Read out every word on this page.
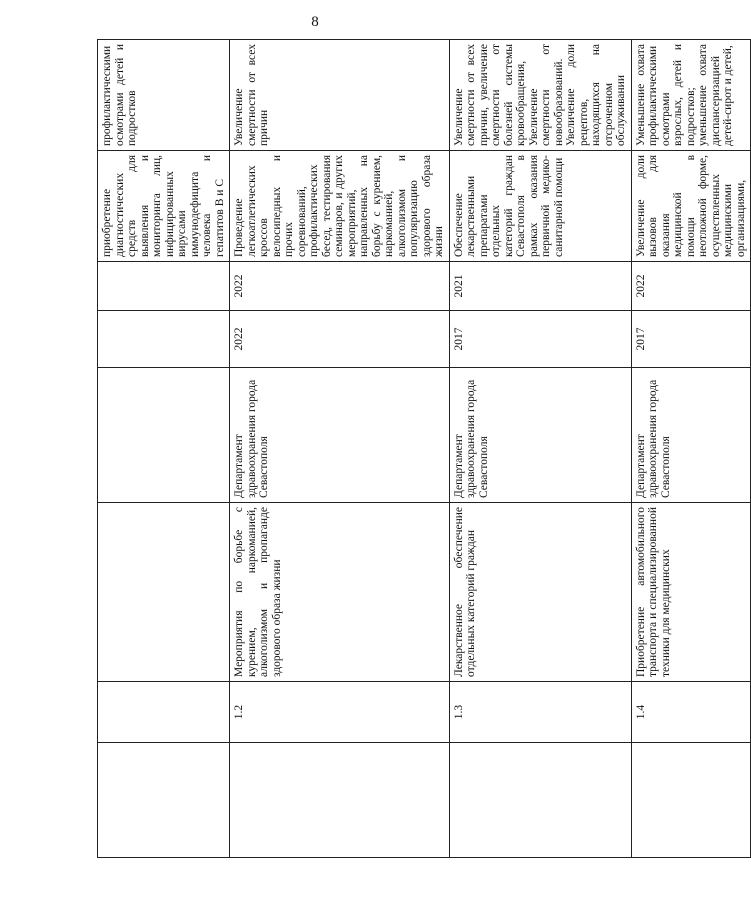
8
						приобретение диагностических средств для выявления и мониторинга лиц, инфицированных вирусами иммунодефицита человека и гепатитов В и С	профилактическими осмотрами детей и подростков
	1.2	Мероприятия по борьбе с курением, наркоманией, алкоголизмом и пропаганде здорового образа жизни	Департамент здравоохранения города Севастополя	2022	2022	Проведение легкоатлетических кроссов велосипедных и прочих соревнований, профилактических бесед, тестирования семинаров, и других мероприятий, направленных на борьбу с курением, наркоманией, алкоголизмом и популяризацию здорового образа жизни	Увеличение смертности от всех причин
	1.3	Лекарственное обеспечение отдельных категорий граждан	Департамент здравоохранения города Севастополя	2017	2021	Обеспечение лекарственными препаратами отдельных категорий граждан Севастополя в рамках оказания первичной медико-санитарной помощи	Увеличение смертности от всех причин, увеличение смертности от болезней системы кровообращения, Увеличение смертности от новообразований. Увеличение доли рецептов, находящихся на отсроченном обслуживании
	1.4	Приобретение автомобильного транспорта и специализированной техники для медицинских	Департамент здравоохранения города Севастополя	2017	2022	Увеличение доли вызовов для оказания медицинской помощи в неотложной форме, осуществленных медицинскими организациями,	Уменьшение охвата профилактическими осмотрами взрослых, детей и подростков; уменьшение охвата диспансеризацией детей-сирот и детей,
